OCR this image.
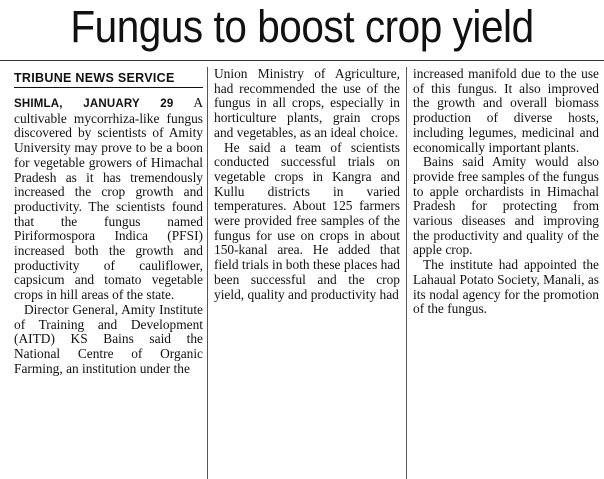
Fungus to boost crop yield
TRIBUNE NEWS SERVICE

SHIMLA, JANUARY 29 A cultivable mycorrhiza-like fungus discovered by scientists of Amity University may prove to be a boon for vegetable growers of Himachal Pradesh as it has tremendously increased the crop growth and productivity. The scientists found that the fungus named Piriformospora Indica (PFSI) increased both the growth and productivity of cauliflower, capsicum and tomato vegetable crops in hill areas of the state.

Director General, Amity Institute of Training and Development (AITD) KS Bains said the National Centre of Organic Farming, an institution under the

Union Ministry of Agriculture, had recommended the use of the fungus in all crops, especially in horticulture plants, grain crops and vegetables, as an ideal choice.

He said a team of scientists conducted successful trials on vegetable crops in Kangra and Kullu districts in varied temperatures. About 125 farmers were provided free samples of the fungus for use on crops in about 150-kanal area. He added that field trials in both these places had been successful and the crop yield, quality and productivity had

increased manifold due to the use of this fungus. It also improved the growth and overall biomass production of diverse hosts, including legumes, medicinal and economically important plants.

Bains said Amity would also provide free samples of the fungus to apple orchardists in Himachal Pradesh for protecting from various diseases and improving the productivity and quality of the apple crop.

The institute had appointed the Lahaual Potato Society, Manali, as its nodal agency for the promotion of the fungus.
